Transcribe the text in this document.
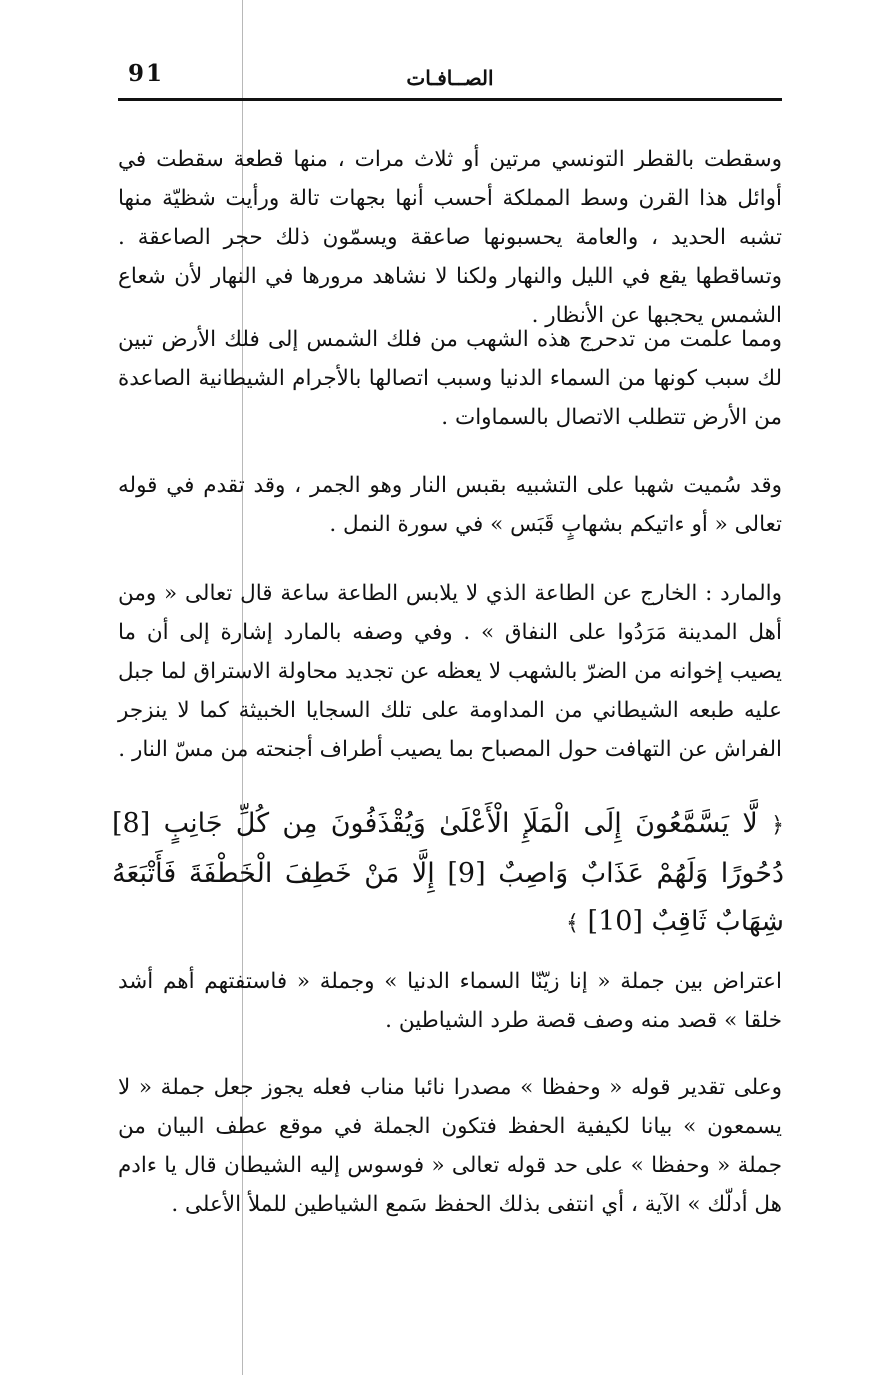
91	الصــافـات

وسقطت بالقطر التونسي مرتين أو ثلاث مرات ، منها قطعة سقطت في أوائل هذا القرن وسط المملكة أحسب أنها بجهات تالة ورأيت شظيّة منها تشبه الحديد ، والعامة يحسبونها صاعقة ويسمّون ذلك حجر الصاعقة . وتساقطها يقع في الليل والنهار ولكنا لا نشاهد مرورها في النهار لأن شعاع الشمس يحجبها عن الأنظار .

ومما علمت من تدحرج هذه الشهب من فلك الشمس إلى فلك الأرض تبين لك سبب كونها من السماء الدنيا وسبب اتصالها بالأجرام الشيطانية الصاعدة من الأرض تتطلب الاتصال بالسماوات .

وقد سُميت شهبا على التشبيه بقبس النار وهو الجمر ، وقد تقدم في قوله تعالى « أو ءاتيكم بشهابٍ قَبَس » في سورة النمل .

والمارد : الخارج عن الطاعة الذي لا يلابس الطاعة ساعة قال تعالى « ومن أهل المدينة مَرَدُوا على النفاق » . وفي وصفه بالمارد إشارة إلى أن ما يصيب إخوانه من الضرّ بالشهب لا يعظه عن تجديد محاولة الاستراق لما جبل عليه طبعه الشيطاني من المداومة على تلك السجايا الخبيثة كما لا ينزجر الفراش عن التهافت حول المصباح بما يصيب أطراف أجنحته من مسّ النار .

﴿ لَّا يَسَّمَّعُونَ إِلَى الْمَلَإِ الْأَعْلَىٰ وَيُقْذَفُونَ مِن كُلِّ جَانِبٍ [8] دُحُورًا وَلَهُمْ عَذَابٌ وَاصِبٌ [9] إِلَّا مَنْ خَطِفَ الْخَطْفَةَ فَأَتْبَعَهُ شِهَابٌ ثَاقِبٌ [10] ﴾

اعتراض بين جملة « إنا زيّنّا السماء الدنيا » وجملة « فاستفتهم أهم أشد خلقا » قصد منه وصف قصة طرد الشياطين .

وعلى تقدير قوله « وحفظا » مصدرا نائبا مناب فعله يجوز جعل جملة « لا يسمعون » بيانا لكيفية الحفظ فتكون الجملة في موقع عطف البيان من جملة « وحفظا » على حد قوله تعالى « فوسوس إليه الشيطان قال يا ءادم هل أدلّك » الآية ، أي انتفى بذلك الحفظ سَمع الشياطين للملأ الأعلى .
